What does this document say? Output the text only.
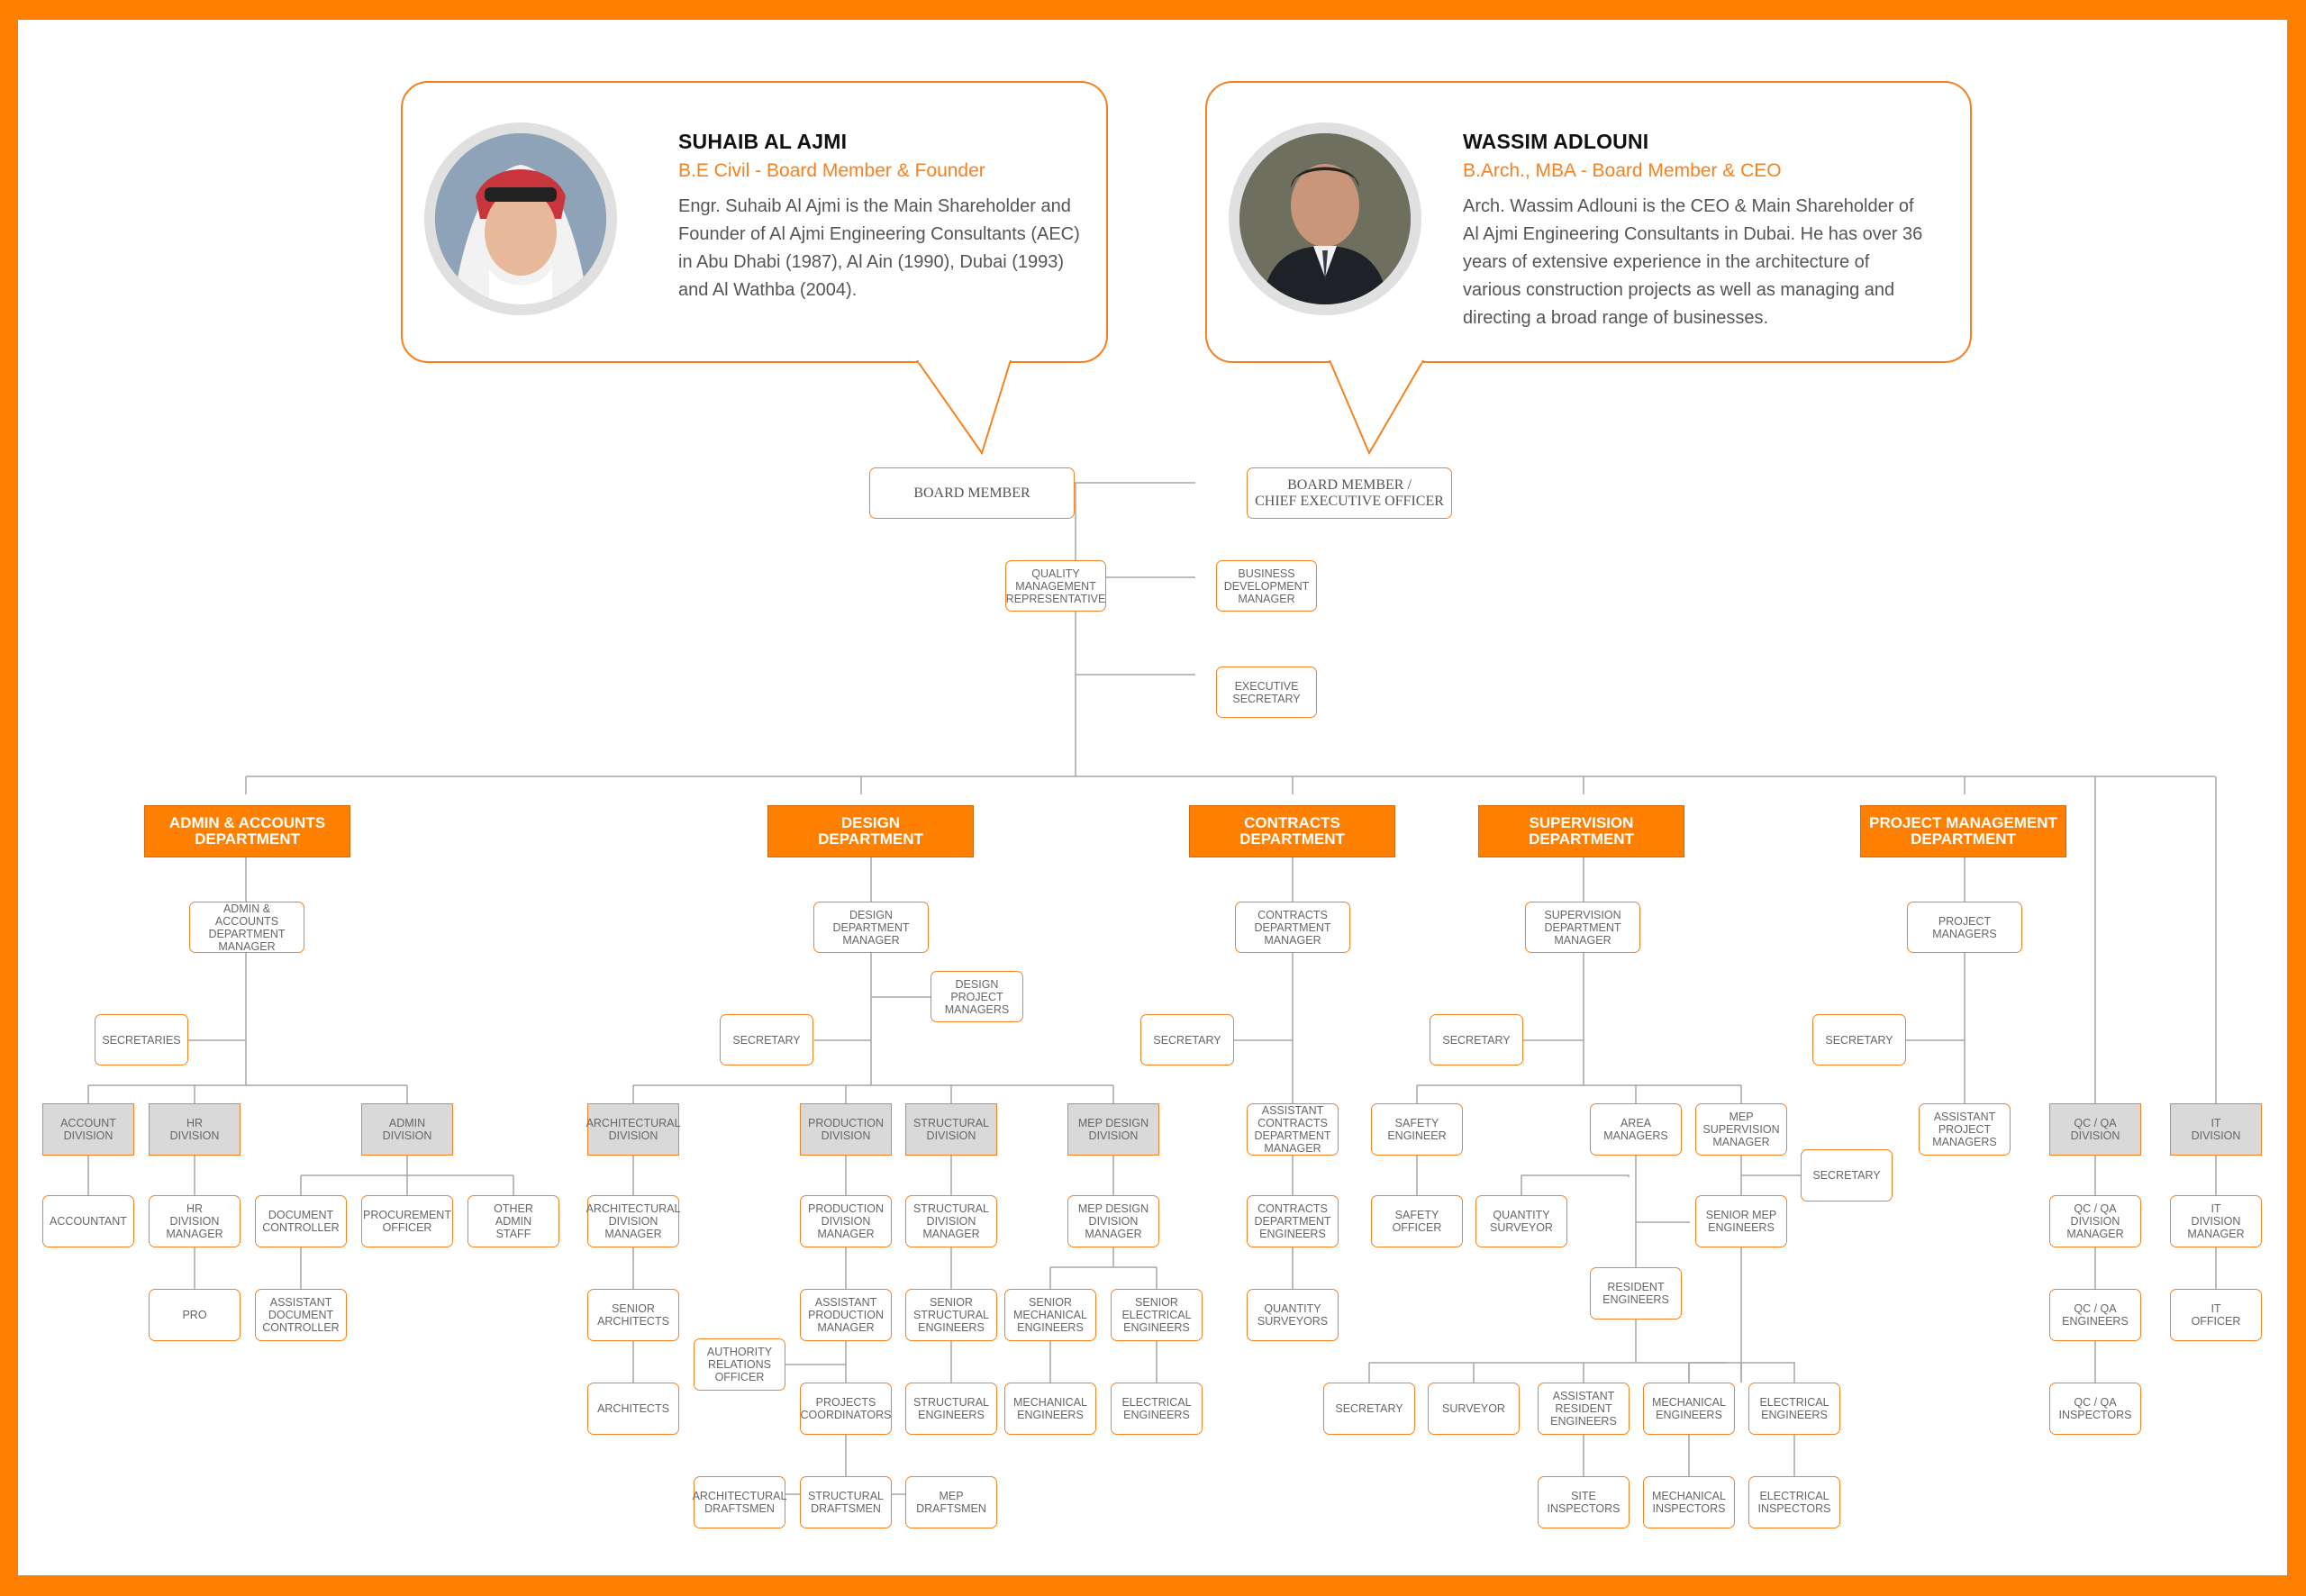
SUHAIB AL AJMI
B.E Civil - Board Member & Founder
Engr. Suhaib Al Ajmi is the Main Shareholder and Founder of Al Ajmi Engineering Consultants (AEC) in Abu Dhabi (1987), Al Ain (1990), Dubai (1993) and Al Wathba (2004).
WASSIM ADLOUNI
B.Arch., MBA - Board Member & CEO
Arch. Wassim Adlouni is the CEO & Main Shareholder of Al Ajmi Engineering Consultants in Dubai. He has over 36 years of extensive experience in the architecture of various construction projects as well as managing and directing a broad range of businesses.
BOARD MEMBER
BOARD MEMBER /
CHIEF EXECUTIVE OFFICER
QUALITY
MANAGEMENT
REPRESENTATIVE
BUSINESS
DEVELOPMENT
MANAGER
EXECUTIVE
SECRETARY
ADMIN & ACCOUNTS
DEPARTMENT
DESIGN
DEPARTMENT
CONTRACTS
DEPARTMENT
SUPERVISION
DEPARTMENT
PROJECT MANAGEMENT
DEPARTMENT
ADMIN & ACCOUNTS
DEPARTMENT
MANAGER
SECRETARIES
ACCOUNT
DIVISION
HR
DIVISION
ADMIN
DIVISION
ACCOUNTANT
HR
DIVISION
MANAGER
PRO
DOCUMENT
CONTROLLER
PROCUREMENT
OFFICER
OTHER
ADMIN
STAFF
ASSISTANT
DOCUMENT
CONTROLLER
DESIGN
DEPARTMENT
MANAGER
DESIGN
PROJECT
MANAGERS
SECRETARY
ARCHITECTURAL
DIVISION
PRODUCTION
DIVISION
STRUCTURAL
DIVISION
MEP DESIGN
DIVISION
ARCHITECTURAL
DIVISION
MANAGER
SENIOR
ARCHITECTS
ARCHITECTS
PRODUCTION
DIVISION
MANAGER
ASSISTANT
PRODUCTION
MANAGER
AUTHORITY
RELATIONS
OFFICER
PROJECTS
COORDINATORS
ARCHITECTURAL
DRAFTSMEN
STRUCTURAL
DRAFTSMEN
MEP
DRAFTSMEN
STRUCTURAL
DIVISION
MANAGER
SENIOR
STRUCTURAL
ENGINEERS
STRUCTURAL
ENGINEERS
MEP DESIGN
DIVISION
MANAGER
SENIOR
MECHANICAL
ENGINEERS
SENIOR
ELECTRICAL
ENGINEERS
MECHANICAL
ENGINEERS
ELECTRICAL
ENGINEERS
CONTRACTS
DEPARTMENT
MANAGER
SECRETARY
ASSISTANT
CONTRACTS
DEPARTMENT
MANAGER
CONTRACTS
DEPARTMENT
ENGINEERS
QUANTITY
SURVEYORS
SUPERVISION
DEPARTMENT
MANAGER
SECRETARY
SAFETY
ENGINEER
SAFETY
OFFICER
AREA
MANAGERS
MEP
SUPERVISION
MANAGER
SECRETARY
QUANTITY
SURVEYOR
SENIOR MEP
ENGINEERS
RESIDENT
ENGINEERS
SECRETARY	SURVEYOR
ASSISTANT
RESIDENT
ENGINEERS
MECHANICAL
ENGINEERS
ELECTRICAL
ENGINEERS
SITE
INSPECTORS
MECHANICAL
INSPECTORS
ELECTRICAL
INSPECTORS
PROJECT
MANAGERS
SECRETARY
ASSISTANT
PROJECT
MANAGERS
QC / QA
DIVISION
QC / QA
DIVISION
MANAGER
QC / QA
ENGINEERS
QC / QA
INSPECTORS
IT
DIVISION
IT
DIVISION
MANAGER
IT
OFFICER
